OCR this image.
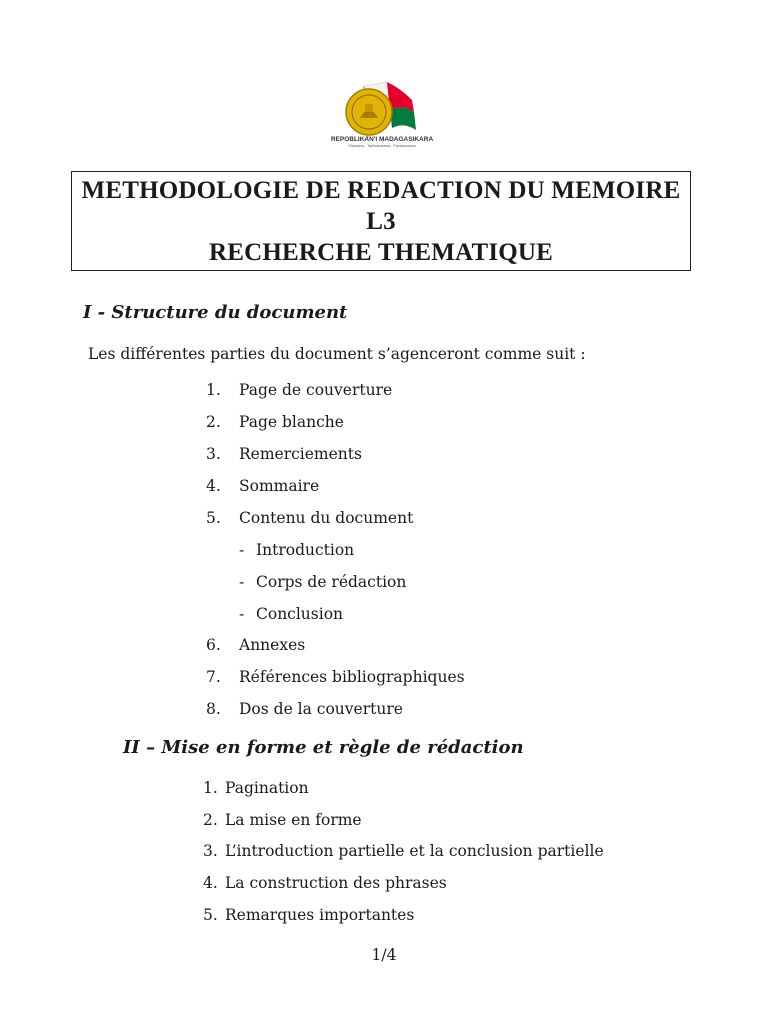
REPOBLIKAN'I MADAGASIKARA
Fitiavana - Tanindrazana - Fandrosoana
METHODOLOGIE DE REDACTION DU MEMOIRE
L3
RECHERCHE THEMATIQUE
I - Structure du document
Les différentes parties du document s’agenceront comme suit :
1. Page de couverture
2. Page blanche
3. Remerciements
4. Sommaire
5. Contenu du document
- Introduction
- Corps de rédaction
- Conclusion
6. Annexes
7. Références bibliographiques
8. Dos de la couverture
II – Mise en forme et règle de rédaction
1. Pagination
2. La mise en forme
3. L’introduction partielle et la conclusion partielle
4. La construction des phrases
5. Remarques importantes
1/4
